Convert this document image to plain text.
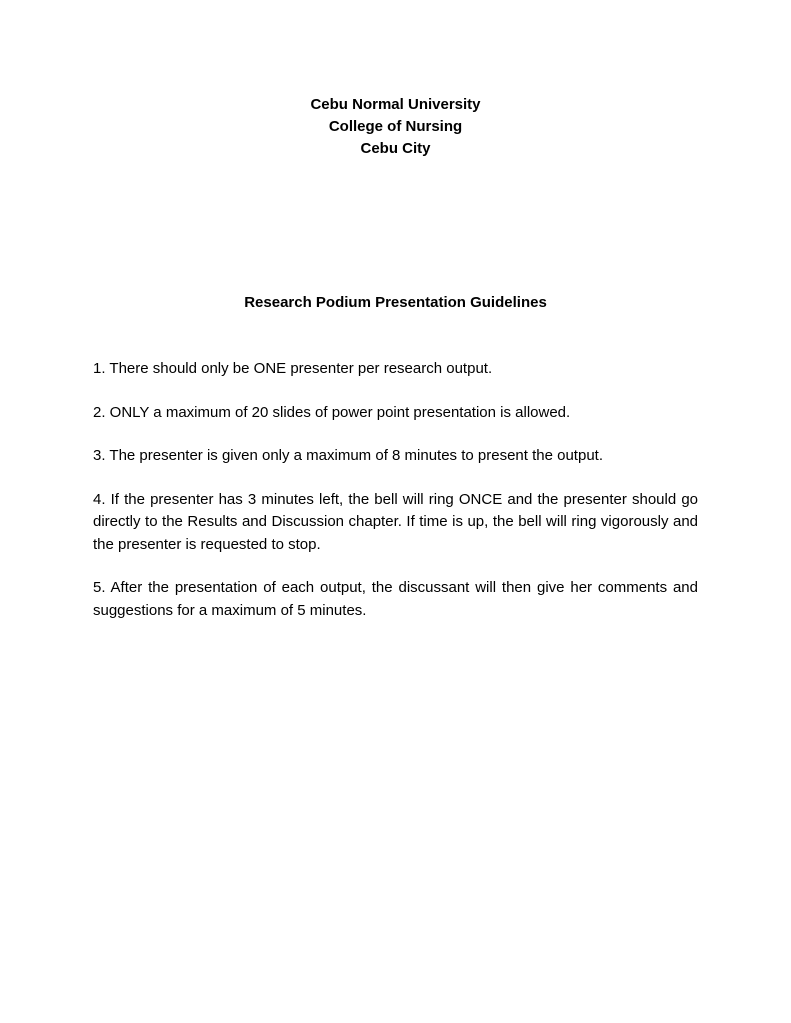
Cebu Normal University

College of Nursing

Cebu City

Research Podium Presentation Guidelines

1. There should only be ONE presenter per research output.
2. ONLY a maximum of 20 slides of power point presentation is allowed.
3. The presenter is given only a maximum of 8 minutes to present the output.
4. If the presenter has 3 minutes left, the bell will ring ONCE and the presenter should go directly to the Results and Discussion chapter. If time is up, the bell will ring vigorously and the presenter is requested to stop.
5. After the presentation of each output, the discussant will then give her comments and suggestions for a maximum of 5 minutes.
